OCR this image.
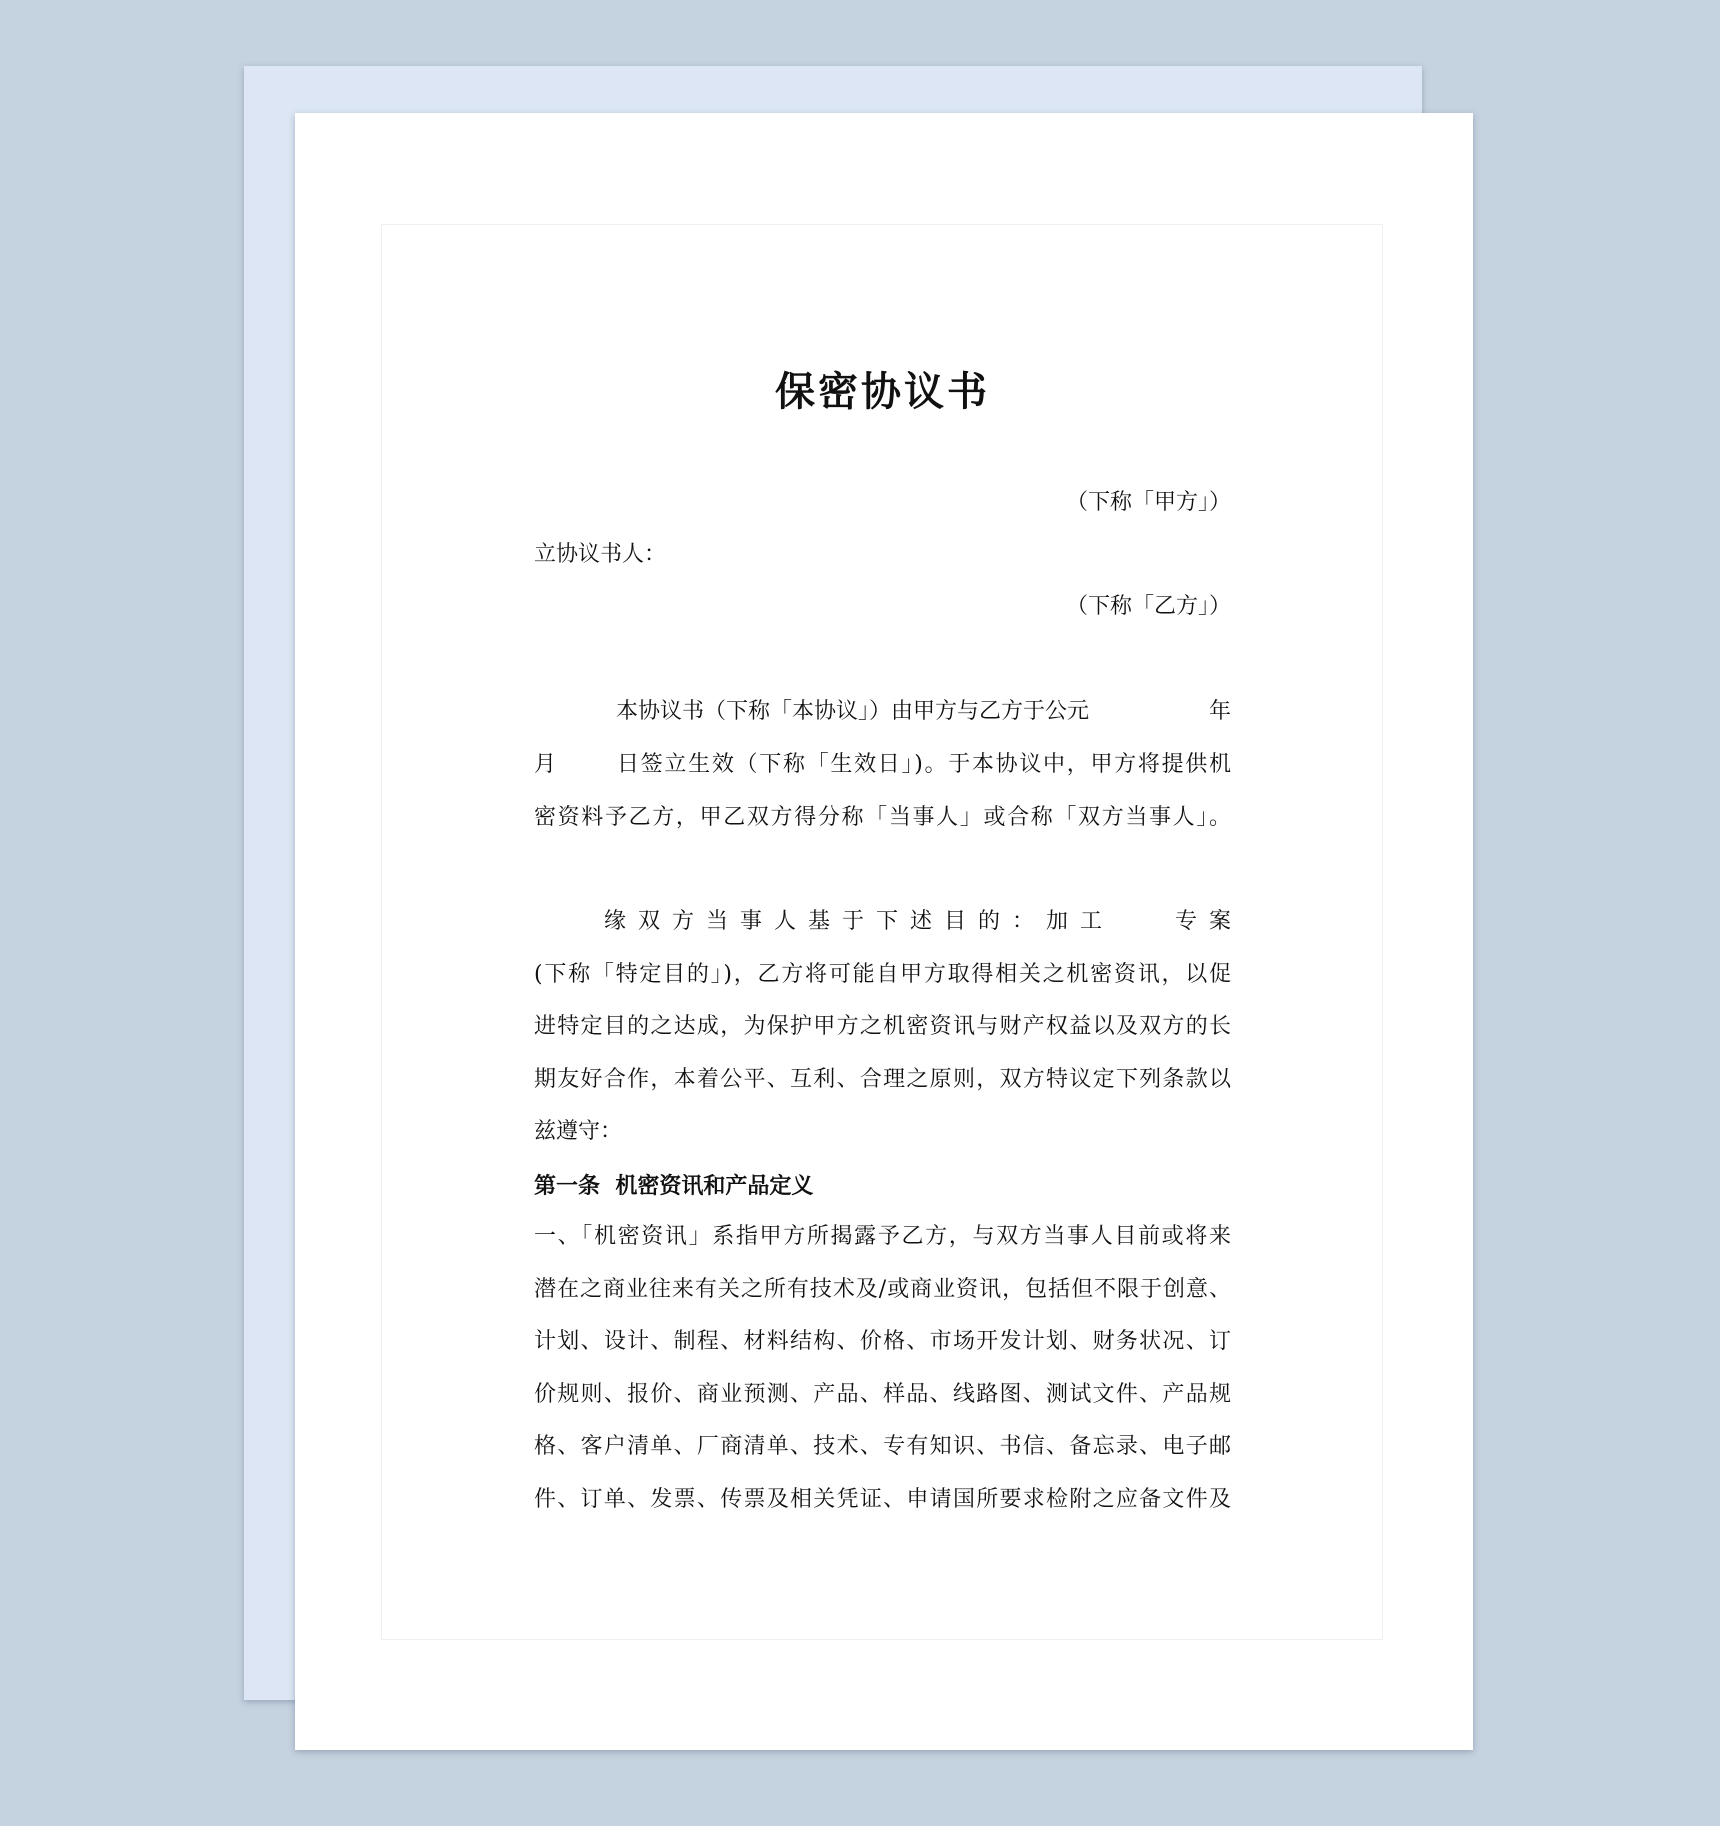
保密协议书
（下称「甲方」）
立协议书人：
（下称「乙方」）
本协议书（下称「本协议」）由甲方与乙方于公元	年
月	日签立生效（下称「生效日」)。于本协议中，甲方将提供机
密资料予乙方，甲乙双方得分称「当事人」或合称「双方当事人」。
缘双方当事人基于下述目的：加工	专案
(下称「特定目的」)，乙方将可能自甲方取得相关之机密资讯，以促
进特定目的之达成，为保护甲方之机密资讯与财产权益以及双方的长
期友好合作，本着公平、互利、合理之原则，双方特议定下列条款以
兹遵守：
第一条  机密资讯和产品定义
一、「机密资讯」系指甲方所揭露予乙方，与双方当事人目前或将来
潜在之商业往来有关之所有技术及/或商业资讯，包括但不限于创意、
计划、设计、制程、材料结构、价格、市场开发计划、财务状况、订
价规则、报价、商业预测、产品、样品、线路图、测试文件、产品规
格、客户清单、厂商清单、技术、专有知识、书信、备忘录、电子邮
件、订单、发票、传票及相关凭证、申请国所要求检附之应备文件及
